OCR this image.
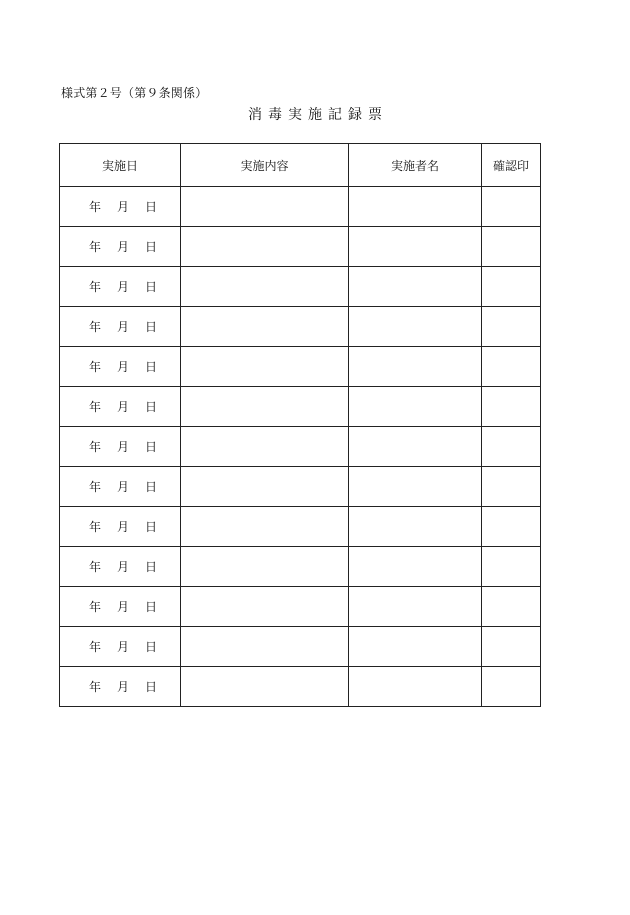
様式第２号（第９条関係）
消毒実施記録票
実施日	実施内容	実施者名	確認印

年 月 日			

年 月 日			

年 月 日			

年 月 日			

年 月 日			

年 月 日			

年 月 日			

年 月 日			

年 月 日			

年 月 日			

年 月 日			

年 月 日			

年 月 日			
